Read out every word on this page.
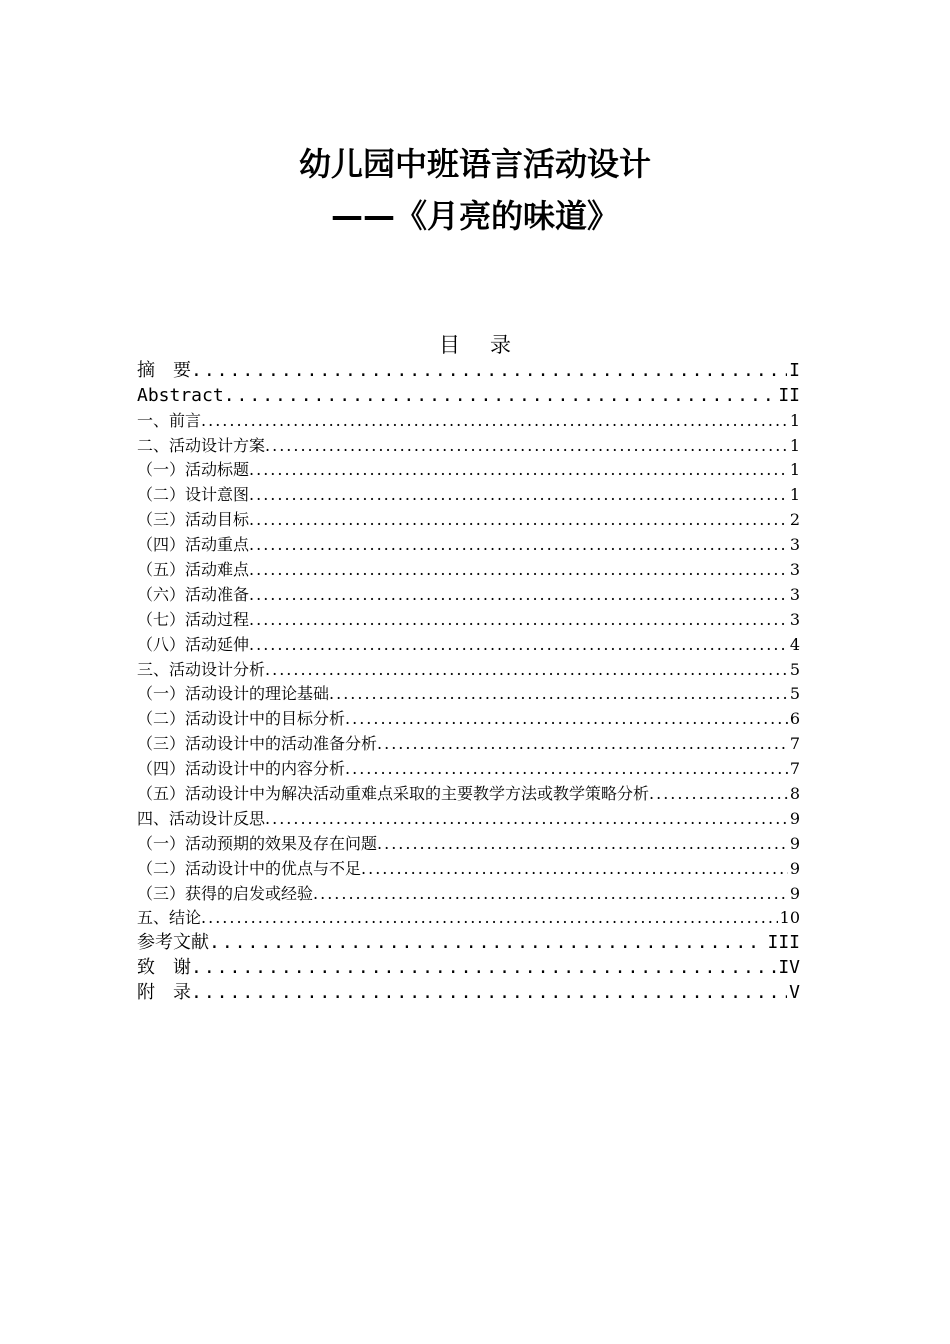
幼儿园中班语言活动设计
——《月亮的味道》
目录
摘　要 .....	I
Abstract .....	II
一、前言 .....	1
二、活动设计方案 .....	1
（一）活动标题 .....	1
（二）设计意图 .....	1
（三）活动目标 .....	2
（四）活动重点 .....	3
（五）活动难点 .....	3
（六）活动准备 .....	3
（七）活动过程 .....	3
（八）活动延伸 .....	4
三、活动设计分析 .....	5
（一）活动设计的理论基础 .....	5
（二）活动设计中的目标分析 .....	6
（三）活动设计中的活动准备分析 .....	7
（四）活动设计中的内容分析 .....	7
（五）活动设计中为解决活动重难点采取的主要教学方法或教学策略分析 .....	8
四、活动设计反思 .....	9
（一）活动预期的效果及存在问题 .....	9
（二）活动设计中的优点与不足 .....	9
（三）获得的启发或经验 .....	9
五、结论 .....	10
参考文献 .....	III
致　谢 .....	IV
附　录 .....	V
